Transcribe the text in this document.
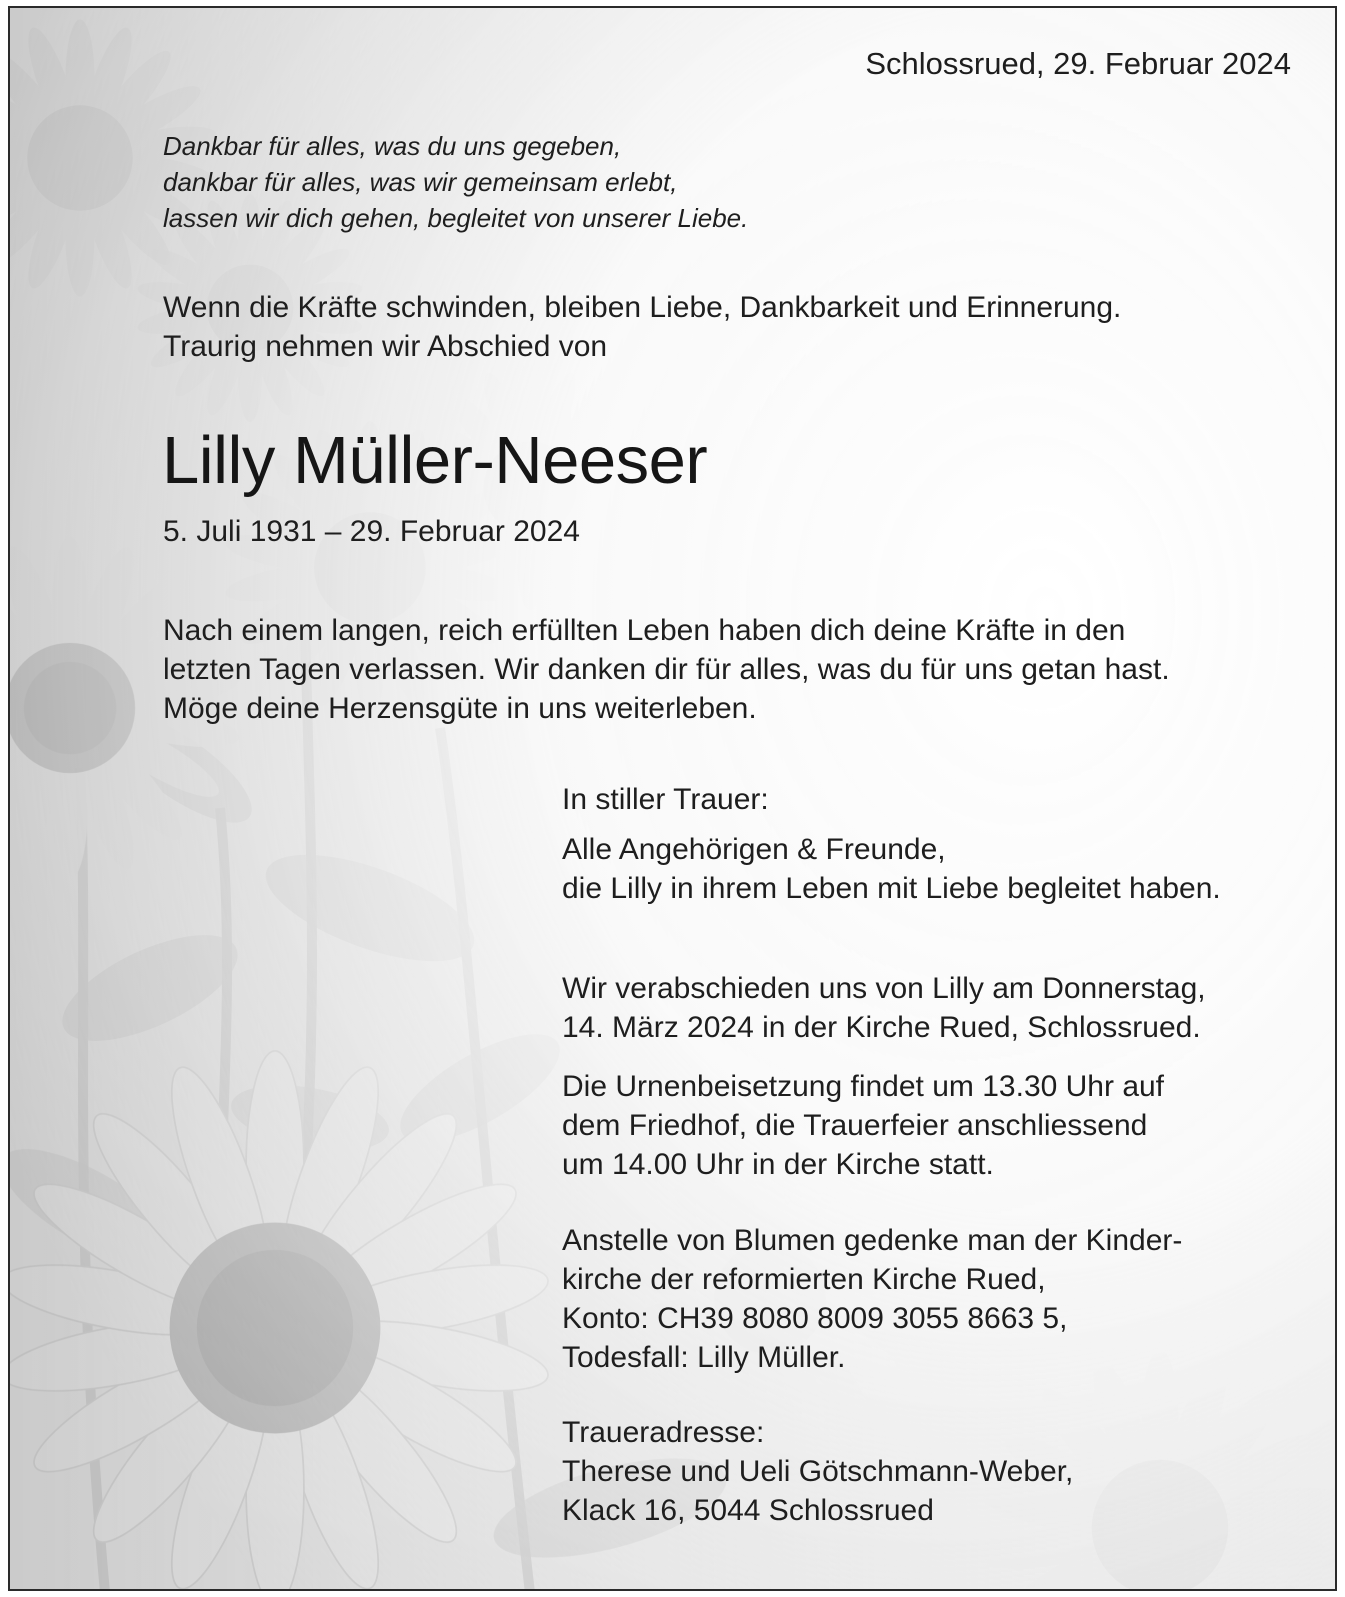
Schlossrued, 29. Februar 2024

Dankbar für alles, was du uns gegeben,
dankbar für alles, was wir gemeinsam erlebt,
lassen wir dich gehen, begleitet von unserer Liebe.

Wenn die Kräfte schwinden, bleiben Liebe, Dankbarkeit und Erinnerung.
Traurig nehmen wir Abschied von

Lilly Müller-Neeser

5. Juli 1931 – 29. Februar 2024

Nach einem langen, reich erfüllten Leben haben dich deine Kräfte in den
letzten Tagen verlassen. Wir danken dir für alles, was du für uns getan hast.
Möge deine Herzensgüte in uns weiterleben.

In stiller Trauer:

Alle Angehörigen & Freunde,
die Lilly in ihrem Leben mit Liebe begleitet haben.

Wir verabschieden uns von Lilly am Donnerstag,
14. März 2024 in der Kirche Rued, Schlossrued.

Die Urnenbeisetzung findet um 13.30 Uhr auf
dem Friedhof, die Trauerfeier anschliessend
um 14.00 Uhr in der Kirche statt.

Anstelle von Blumen gedenke man der Kinder-
kirche der reformierten Kirche Rued,
Konto: CH39 8080 8009 3055 8663 5,
Todesfall: Lilly Müller.

Traueradresse:
Therese und Ueli Götschmann-Weber,
Klack 16, 5044 Schlossrued
